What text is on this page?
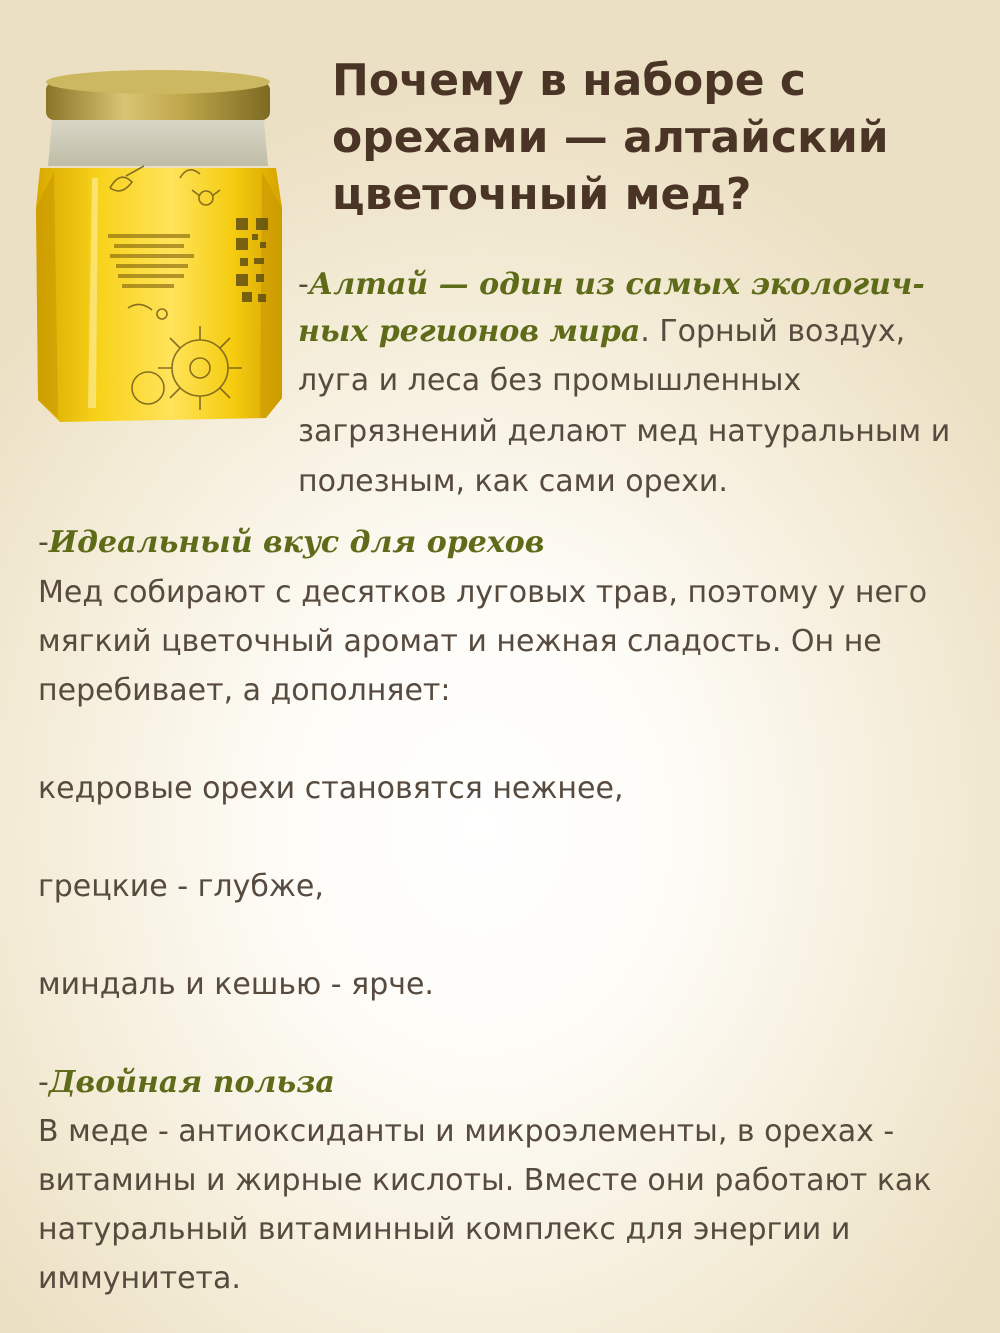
Почему в наборе с
орехами — алтайский
цветочный мед?

-Алтай — один из самых экологич-

ных регионов мира. Горный воздух,

луга и леса без промышленных

загрязнений делают мед натуральным и

полезным, как сами орехи.

-Идеальный вкус для орехов

Мед собирают с десятков луговых трав, поэтому у него

мягкий цветочный аромат и нежная сладость. Он не

перебивает, а дополняет:

кедровые орехи становятся нежнее,

грецкие - глубже,

миндаль и кешью - ярче.

-Двойная польза

В меде - антиоксиданты и микроэлементы, в орехах -

витамины и жирные кислоты. Вместе они работают как

натуральный витаминный комплекс для энергии и

иммунитета.
